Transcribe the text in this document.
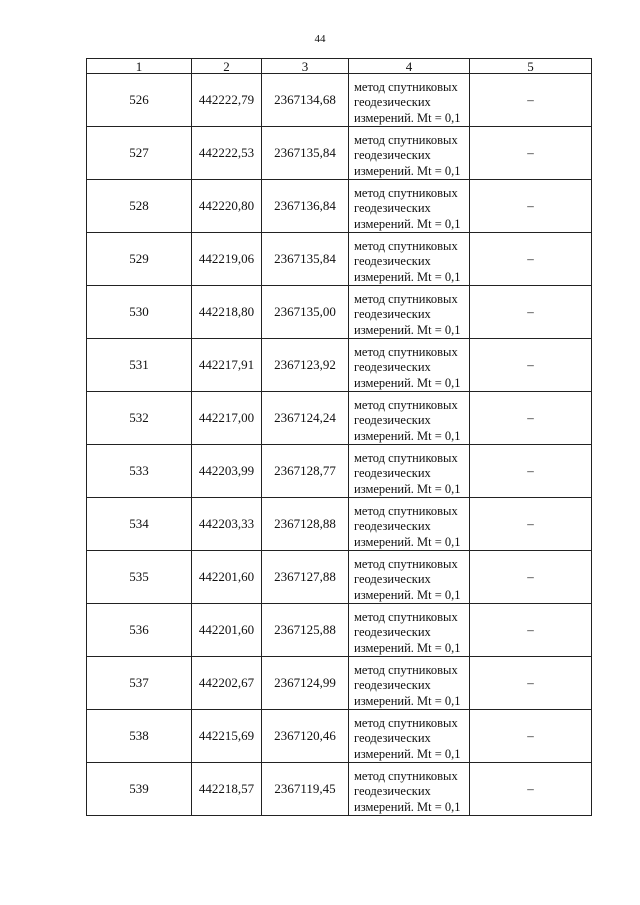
44
1	2	3	4	5
526	442222,79	2367134,68	метод спутниковых
геодезических
измерений. Mt = 0,1	–
527	442222,53	2367135,84	метод спутниковых
геодезических
измерений. Mt = 0,1	–
528	442220,80	2367136,84	метод спутниковых
геодезических
измерений. Mt = 0,1	–
529	442219,06	2367135,84	метод спутниковых
геодезических
измерений. Mt = 0,1	–
530	442218,80	2367135,00	метод спутниковых
геодезических
измерений. Mt = 0,1	–
531	442217,91	2367123,92	метод спутниковых
геодезических
измерений. Mt = 0,1	–
532	442217,00	2367124,24	метод спутниковых
геодезических
измерений. Mt = 0,1	–
533	442203,99	2367128,77	метод спутниковых
геодезических
измерений. Mt = 0,1	–
534	442203,33	2367128,88	метод спутниковых
геодезических
измерений. Mt = 0,1	–
535	442201,60	2367127,88	метод спутниковых
геодезических
измерений. Mt = 0,1	–
536	442201,60	2367125,88	метод спутниковых
геодезических
измерений. Mt = 0,1	–
537	442202,67	2367124,99	метод спутниковых
геодезических
измерений. Mt = 0,1	–
538	442215,69	2367120,46	метод спутниковых
геодезических
измерений. Mt = 0,1	–
539	442218,57	2367119,45	метод спутниковых
геодезических
измерений. Mt = 0,1	–
